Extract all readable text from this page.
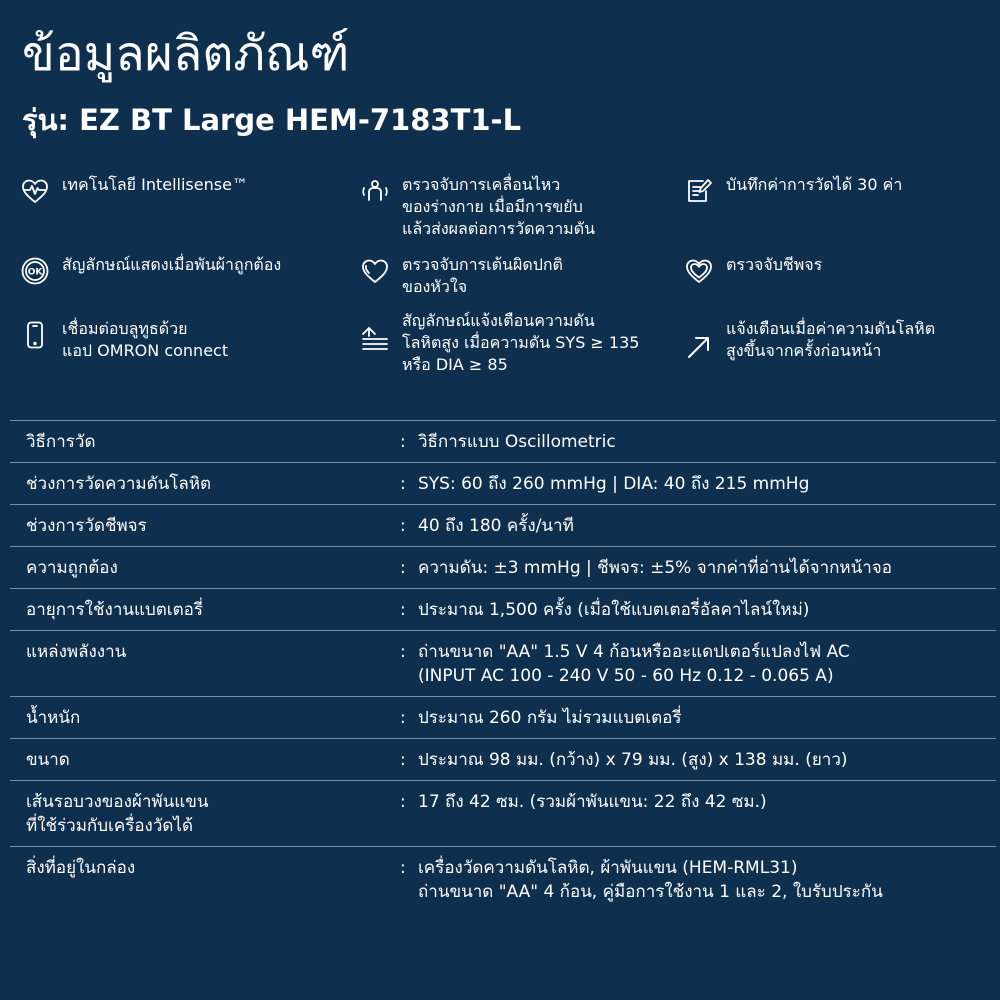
ข้อมูลผลิตภัณฑ์
รุ่น: EZ BT Large HEM-7183T1-L
เทคโนโลยี Intellisense™	ตรวจจับการเคลื่อนไหว
ของร่างกาย เมื่อมีการขยับ
แล้วส่งผลต่อการวัดความดัน
บันทึกค่าการวัดได้ 30 ค่า
OK สัญลักษณ์แสดงเมื่อพันผ้าถูกต้อง	ตรวจจับการเต้นผิดปกติ
ของหัวใจ
ตรวจจับชีพจร
เชื่อมต่อบลูทูธด้วย
แอป OMRON connect
สัญลักษณ์แจ้งเตือนความดัน
โลหิตสูง เมื่อความดัน SYS ≥ 135
หรือ DIA ≥ 85
แจ้งเตือนเมื่อค่าความดันโลหิต
สูงขึ้นจากครั้งก่อนหน้า
วิธีการวัด	: วิธีการแบบ Oscillometric
ช่วงการวัดความดันโลหิต	: SYS: 60 ถึง 260 mmHg | DIA: 40 ถึง 215 mmHg
ช่วงการวัดชีพจร	: 40 ถึง 180 ครั้ง/นาที
ความถูกต้อง	: ความดัน: ±3 mmHg | ชีพจร: ±5% จากค่าที่อ่านได้จากหน้าจอ
อายุการใช้งานแบตเตอรี่	: ประมาณ 1,500 ครั้ง (เมื่อใช้แบตเตอรี่อัลคาไลน์ใหม่)
แหล่งพลังงาน	: ถ่านขนาด "AA" 1.5 V 4 ก้อนหรืออะแดปเตอร์แปลงไฟ AC
(INPUT AC 100 - 240 V 50 - 60 Hz 0.12 - 0.065 A)
น้ำหนัก	: ประมาณ 260 กรัม ไม่รวมแบตเตอรี่
ขนาด	: ประมาณ 98 มม. (กว้าง) x 79 มม. (สูง) x 138 มม. (ยาว)
เส้นรอบวงของผ้าพันแขน
ที่ใช้ร่วมกับเครื่องวัดได้
: 17 ถึง 42 ซม. (รวมผ้าพันแขน: 22 ถึง 42 ซม.)
สิ่งที่อยู่ในกล่อง	: เครื่องวัดความดันโลหิต, ผ้าพันแขน (HEM-RML31)
ถ่านขนาด "AA" 4 ก้อน, คู่มือการใช้งาน 1 และ 2, ใบรับประกัน
